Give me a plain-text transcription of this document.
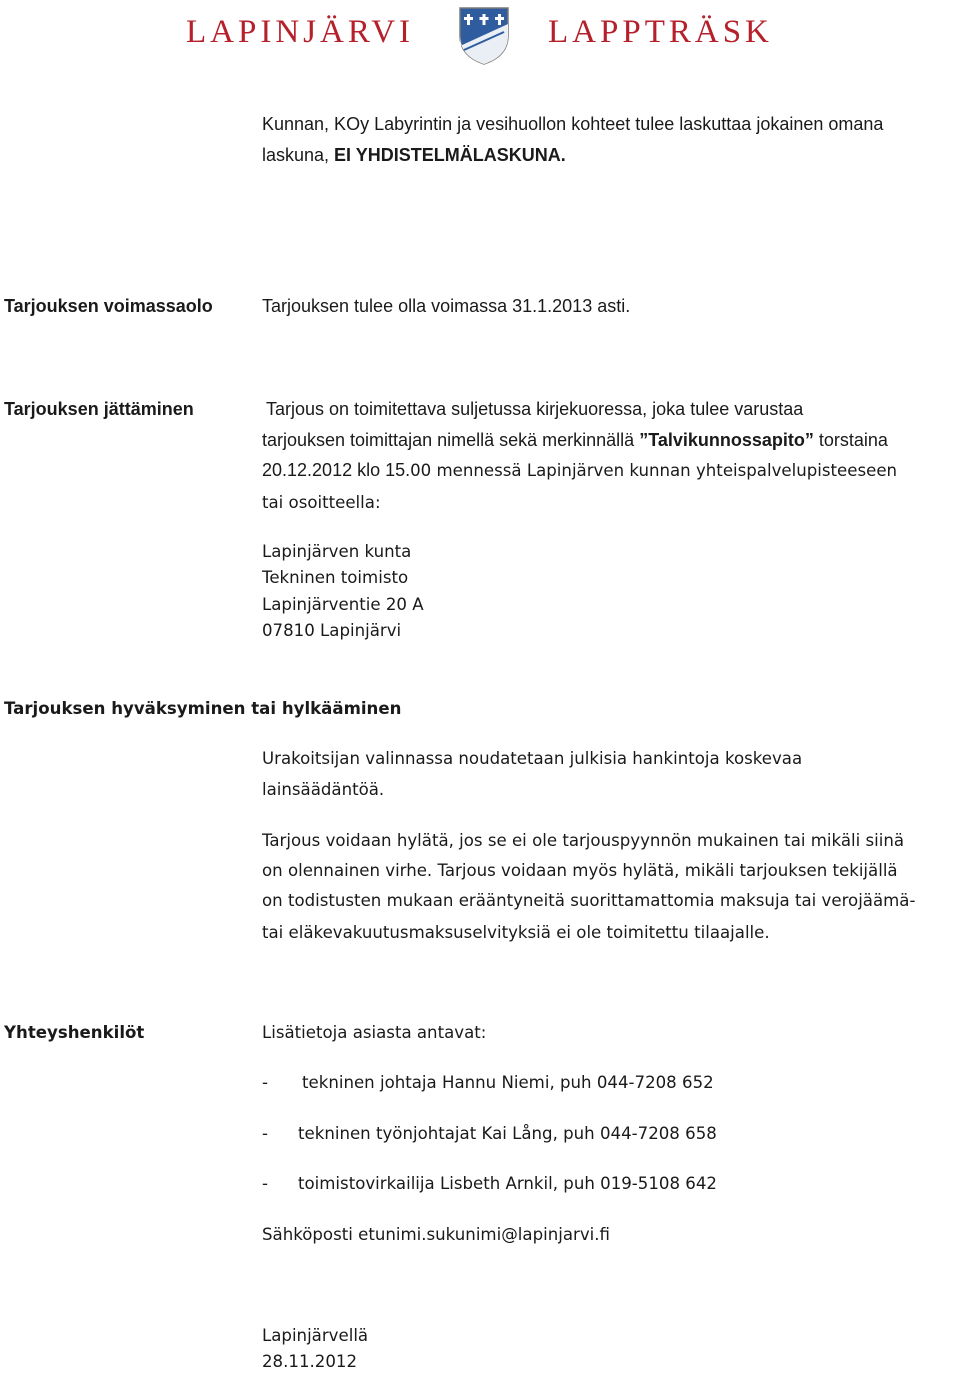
LAPINJÄRVI	LAPPTRÄSK
Kunnan, KOy Labyrintin ja vesihuollon kohteet tulee laskuttaa jokainen omana
laskuna, EI YHDISTELMÄLASKUNA.
Tarjouksen voimassaolo	Tarjouksen tulee olla voimassa 31.1.2013 asti.
Tarjouksen jättäminen	Tarjous on toimitettava suljetussa kirjekuoressa, joka tulee varustaa
tarjouksen toimittajan nimellä sekä merkinnällä ”Talvikunnossapito” torstaina
20.12.2012 klo 15.00 mennessä Lapinjärven kunnan yhteispalvelupisteeseen
tai osoitteella:
Lapinjärven kunta
Tekninen toimisto
Lapinjärventie 20 A
07810 Lapinjärvi
Tarjouksen hyväksyminen tai hylkääminen
Urakoitsijan valinnassa noudatetaan julkisia hankintoja koskevaa
lainsäädäntöä.
Tarjous voidaan hylätä, jos se ei ole tarjouspyynnön mukainen tai mikäli siinä
on olennainen virhe. Tarjous voidaan myös hylätä, mikäli tarjouksen tekijällä
on todistusten mukaan erääntyneitä suorittamattomia maksuja tai verojäämä-
tai eläkevakuutusmaksuselvityksiä ei ole toimitettu tilaajalle.
Yhteyshenkilöt	Lisätietoja asiasta antavat:
- tekninen johtaja Hannu Niemi, puh 044-7208 652
- tekninen työnjohtajat Kai Lång, puh 044-7208 658
- toimistovirkailija Lisbeth Arnkil, puh 019-5108 642
Sähköposti etunimi.sukunimi@lapinjarvi.fi
Lapinjärvellä
28.11.2012
